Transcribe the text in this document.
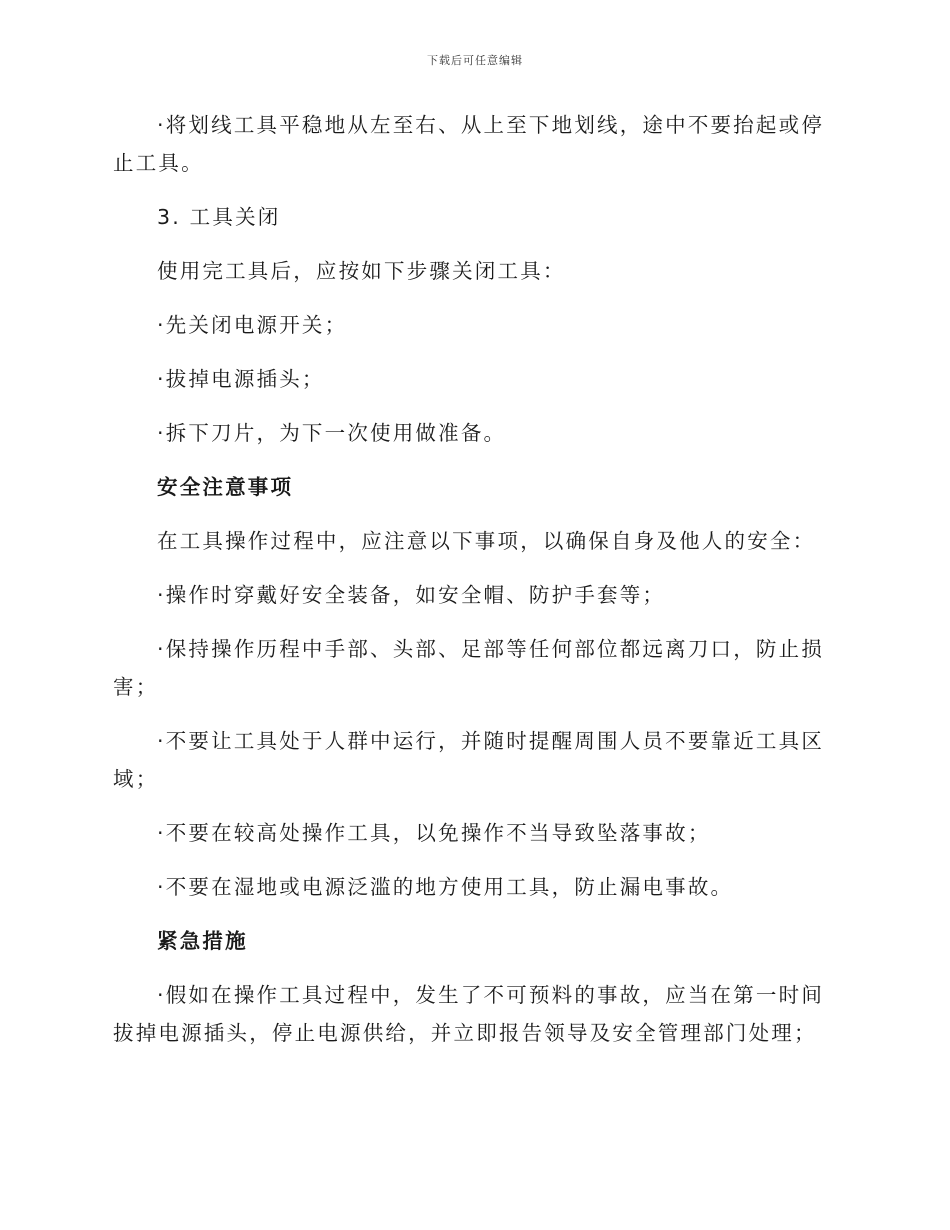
下载后可任意编辑

·将划线工具平稳地从左至右、从上至下地划线，途中不要抬起或停止工具。

3. 工具关闭

使用完工具后，应按如下步骤关闭工具：

·先关闭电源开关；

·拔掉电源插头；

·拆下刀片，为下一次使用做准备。

安全注意事项

在工具操作过程中，应注意以下事项，以确保自身及他人的安全：

·操作时穿戴好安全装备，如安全帽、防护手套等；

·保持操作历程中手部、头部、足部等任何部位都远离刀口，防止损害；

·不要让工具处于人群中运行，并随时提醒周围人员不要靠近工具区域；

·不要在较高处操作工具，以免操作不当导致坠落事故；

·不要在湿地或电源泛滥的地方使用工具，防止漏电事故。

紧急措施

·假如在操作工具过程中，发生了不可预料的事故，应当在第一时间拔掉电源插头，停止电源供给，并立即报告领导及安全管理部门处理；
